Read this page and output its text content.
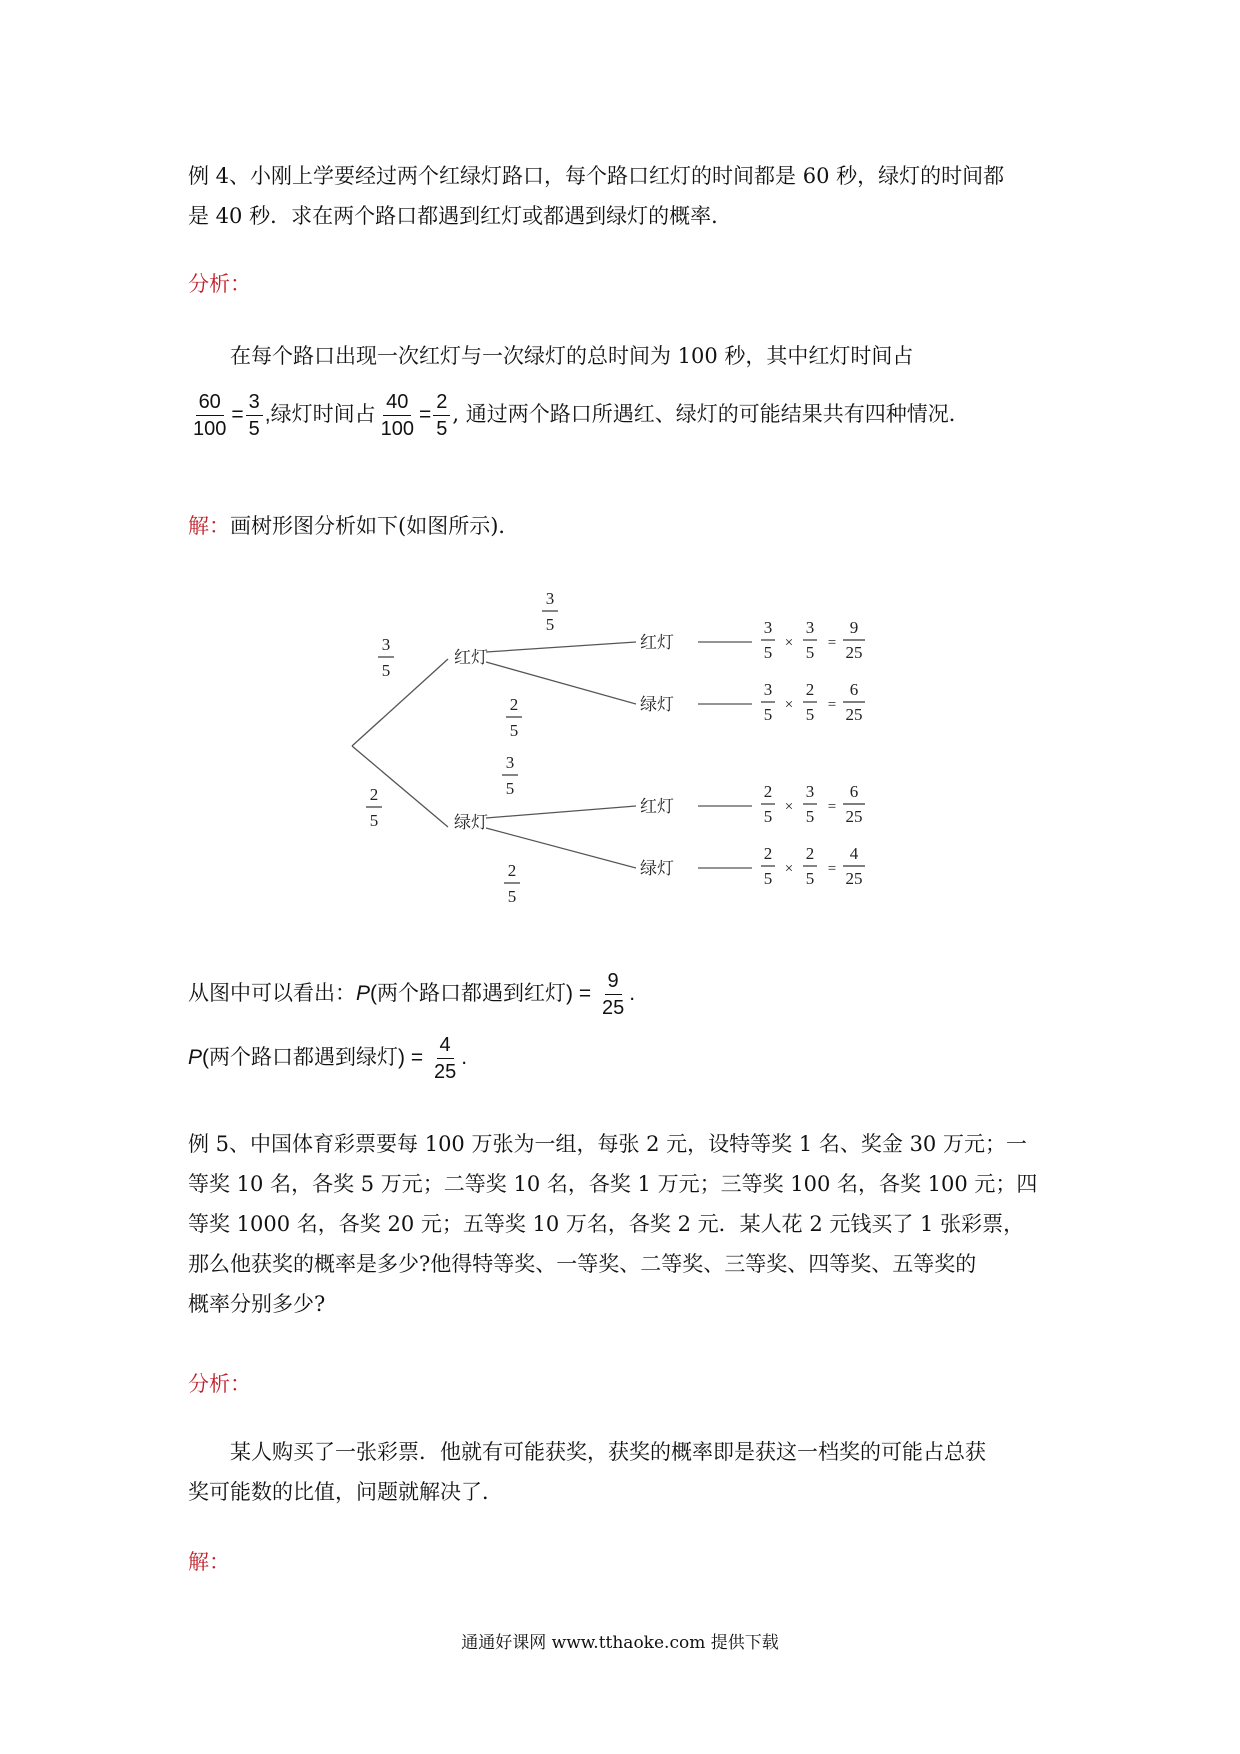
例 4、小刚上学要经过两个红绿灯路口，每个路口红灯的时间都是 60 秒，绿灯的时间都
是 40 秒．求在两个路口都遇到红灯或都遇到绿灯的概率．
分析：
在每个路口出现一次红灯与一次绿灯的总时间为 100 秒，其中红灯时间占
$\frac{60}{100} = \frac{3}{5}$ ,绿灯时间占 $\frac{40}{100} = \frac{2}{5}$ , 通过两个路口所遇红、绿灯的可能结果共有四种情况．
解：画树形图分析如下(如图所示)．
3
5
2
5
红灯
绿灯
3
5
红灯
3
5 ×
3
5 =
9
25
2
5
绿灯
3
5 ×
2
5 =
6
25
3
5
红灯
2
5 ×
3
5 =
6
25
2
5
绿灯
2
5 ×
2
5 =
4
25
从图中可以看出：P(两个路口都遇到红灯) = $\frac{9}{25}$ .
P(两个路口都遇到绿灯) = $\frac{4}{25}$ .
例 5、中国体育彩票要每 100 万张为一组，每张 2 元，设特等奖 1 名、奖金 30 万元；一
等奖 10 名，各奖 5 万元；二等奖 10 名，各奖 1 万元；三等奖 100 名，各奖 100 元；四
等奖 1000 名，各奖 20 元；五等奖 10 万名，各奖 2 元．某人花 2 元钱买了 1 张彩票，
那么他获奖的概率是多少?他得特等奖、一等奖、二等奖、三等奖、四等奖、五等奖的
概率分别多少?
分析：
某人购买了一张彩票．他就有可能获奖，获奖的概率即是获这一档奖的可能占总获
奖可能数的比值，问题就解决了．
解：
通通好课网 www.tthaoke.com 提供下载
